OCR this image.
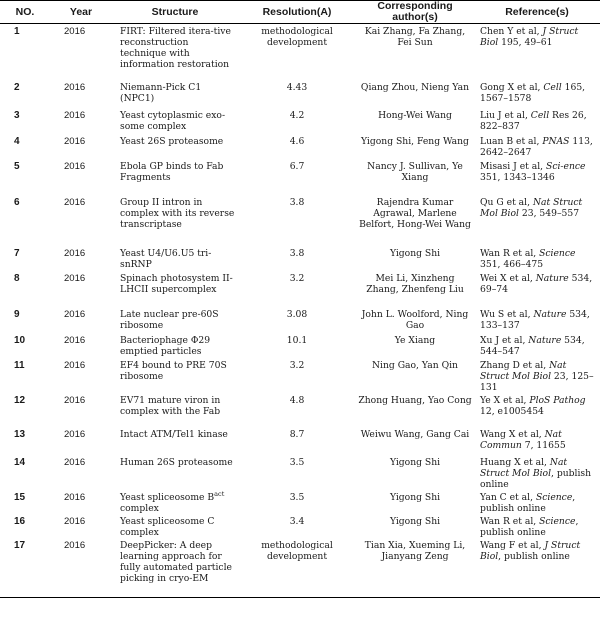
NO.	Year	Structure	Resolution(A)	Corresponding author(s)	Reference(s)
1	2016	FIRT: Filtered itera-tive reconstruction technique with information restoration	methodological development	Kai Zhang, Fa Zhang, Fei Sun	Chen Y et al, J Struct Biol 195, 49–61
2	2016	Niemann-Pick C1 (NPC1)	4.43	Qiang Zhou, Nieng Yan	Gong X et al, Cell 165, 1567–1578
3	2016	Yeast cytoplasmic exo-some complex	4.2	Hong-Wei Wang	Liu J et al, Cell Res 26, 822–837
4	2016	Yeast 26S proteasome	4.6	Yigong Shi, Feng Wang	Luan B et al, PNAS 113, 2642–2647
5	2016	Ebola GP binds to Fab Fragments	6.7	Nancy J. Sullivan, Ye Xiang	Misasi J et al, Sci-ence 351, 1343–1346
6	2016	Group II intron in complex with its reverse transcriptase	3.8	Rajendra Kumar Agrawal, Marlene Belfort, Hong-Wei Wang	Qu G et al, Nat Struct Mol Biol 23, 549–557
7	2016	Yeast U4/U6.U5 tri-snRNP	3.8	Yigong Shi	Wan R et al, Science 351, 466–475
8	2016	Spinach photosystem II-LHCII supercomplex	3.2	Mei Li, Xinzheng Zhang, Zhenfeng Liu	Wei X et al, Nature 534, 69–74
9	2016	Late nuclear pre-60S ribosome	3.08	John L. Woolford, Ning Gao	Wu S et al, Nature 534, 133–137
10	2016	Bacteriophage Φ29 emptied particles	10.1	Ye Xiang	Xu J et al, Nature 534, 544–547
11	2016	EF4 bound to PRE 70S ribosome	3.2	Ning Gao, Yan Qin	Zhang D et al, Nat Struct Mol Biol 23, 125–131
12	2016	EV71 mature viron in complex with the Fab	4.8	Zhong Huang, Yao Cong	Ye X et al, PloS Pathog 12, e1005454
13	2016	Intact ATM/Tel1 kinase	8.7	Weiwu Wang, Gang Cai	Wang X et al, Nat Commun 7, 11655
14	2016	Human 26S proteasome	3.5	Yigong Shi	Huang X et al, Nat Struct Mol Biol, publish online
15	2016	Yeast spliceosome $B^{act}$ complex	3.5	Yigong Shi	Yan C et al, Science, publish online
16	2016	Yeast spliceosome C complex	3.4	Yigong Shi	Wan R et al, Science, publish online
17	2016	DeepPicker: A deep learning approach for fully automated particle picking in cryo-EM	methodological development	Tian Xia, Xueming Li, Jianyang Zeng	Wang F et al, J Struct Biol, publish online
